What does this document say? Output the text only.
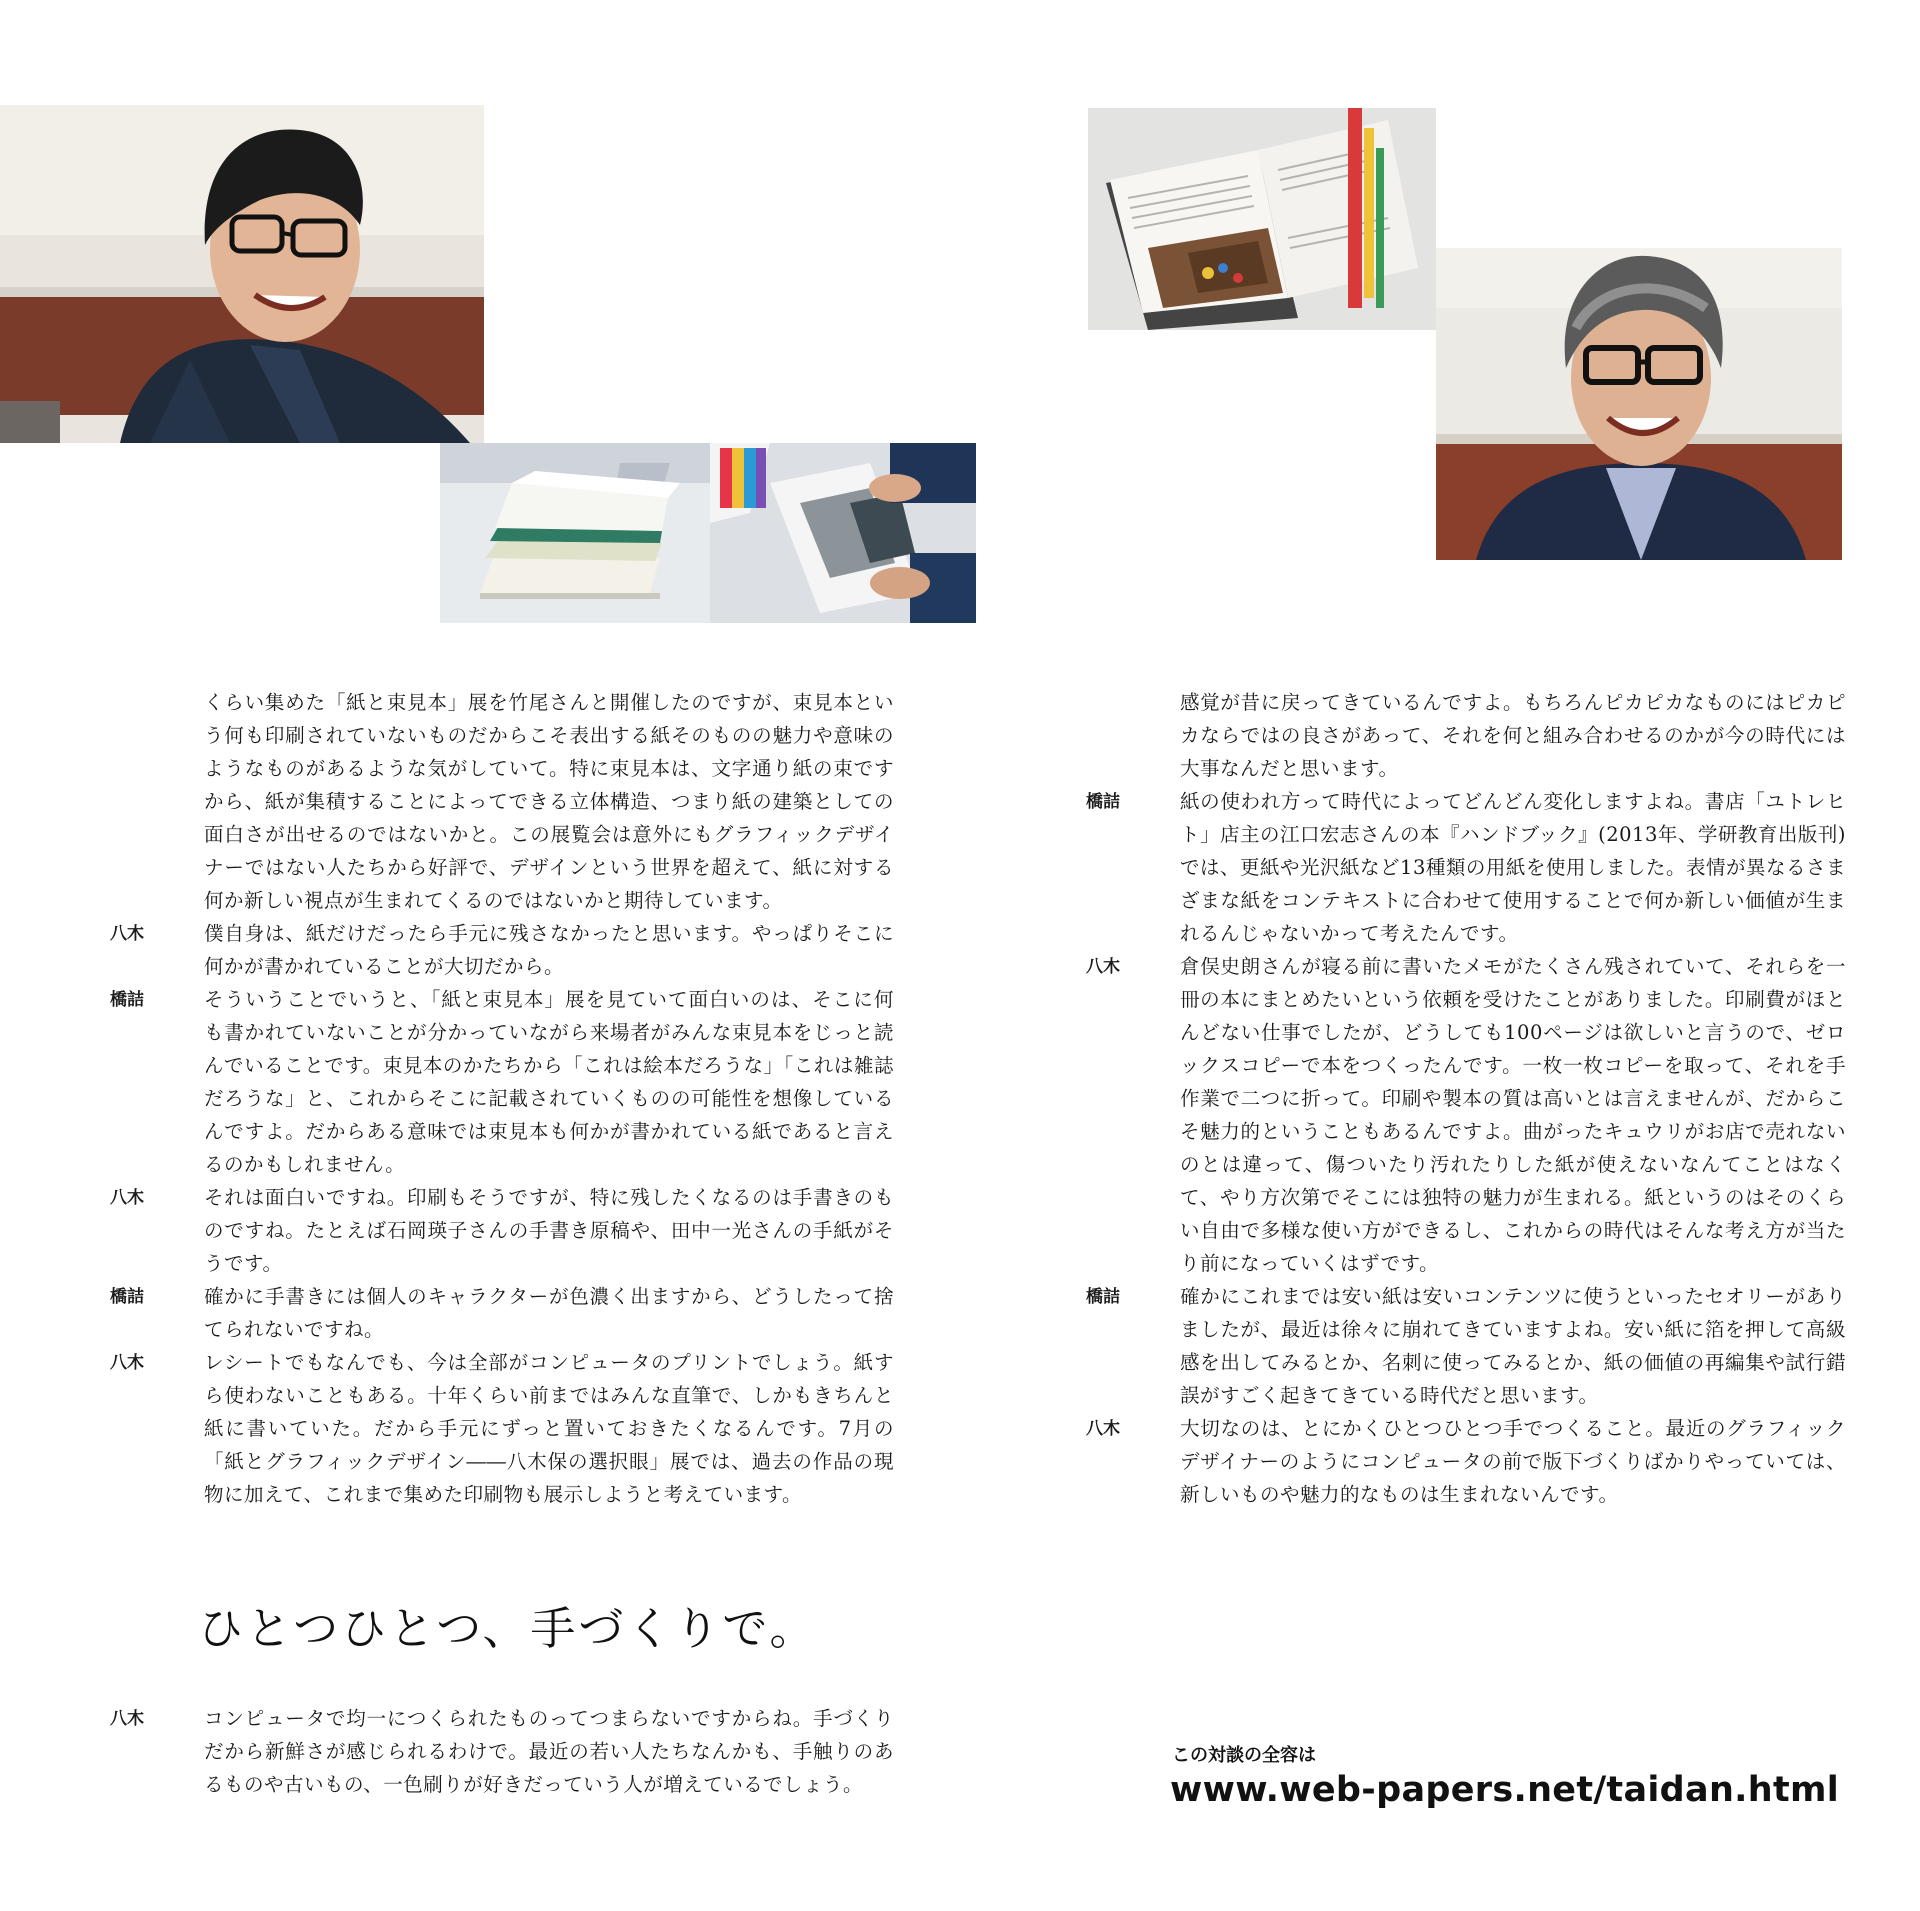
くらい集めた「紙と束見本」展を竹尾さんと開催したのですが、束見本という何も印刷されていないものだからこそ表出する紙そのものの魅力や意味のようなものがあるような気がしていて。特に束見本は、文字通り紙の束ですから、紙が集積することによってできる立体構造、つまり紙の建築としての面白さが出せるのではないかと。この展覧会は意外にもグラフィックデザイナーではない人たちから好評で、デザインという世界を超えて、紙に対する何か新しい視点が生まれてくるのではないかと期待しています。
八木	僕自身は、紙だけだったら手元に残さなかったと思います。やっぱりそこに何かが書かれていることが大切だから。
橋詰	そういうことでいうと、「紙と束見本」展を見ていて面白いのは、そこに何も書かれていないことが分かっていながら来場者がみんな束見本をじっと読んでいることです。束見本のかたちから「これは絵本だろうな」「これは雑誌だろうな」と、これからそこに記載されていくものの可能性を想像しているんですよ。だからある意味では束見本も何かが書かれている紙であると言えるのかもしれません。
八木	それは面白いですね。印刷もそうですが、特に残したくなるのは手書きのものですね。たとえば石岡瑛子さんの手書き原稿や、田中一光さんの手紙がそうです。
橋詰	確かに手書きには個人のキャラクターが色濃く出ますから、どうしたって捨てられないですね。
八木	レシートでもなんでも、今は全部がコンピュータのプリントでしょう。紙すら使わないこともある。十年くらい前まではみんな直筆で、しかもきちんと紙に書いていた。だから手元にずっと置いておきたくなるんです。7月の「紙とグラフィックデザイン――八木保の選択眼」展では、過去の作品の現物に加えて、これまで集めた印刷物も展示しようと考えています。
ひとつひとつ、手づくりで。
八木	コンピュータで均一につくられたものってつまらないですからね。手づくりだから新鮮さが感じられるわけで。最近の若い人たちなんかも、手触りのあるものや古いもの、一色刷りが好きだっていう人が増えているでしょう。
感覚が昔に戻ってきているんですよ。もちろんピカピカなものにはピカピカならではの良さがあって、それを何と組み合わせるのかが今の時代には大事なんだと思います。
橋詰	紙の使われ方って時代によってどんどん変化しますよね。書店「ユトレヒト」店主の江口宏志さんの本『ハンドブック』(2013年、学研教育出版刊)では、更紙や光沢紙など13種類の用紙を使用しました。表情が異なるさまざまな紙をコンテキストに合わせて使用することで何か新しい価値が生まれるんじゃないかって考えたんです。
八木	倉俣史朗さんが寝る前に書いたメモがたくさん残されていて、それらを一冊の本にまとめたいという依頼を受けたことがありました。印刷費がほとんどない仕事でしたが、どうしても100ページは欲しいと言うので、ゼロックスコピーで本をつくったんです。一枚一枚コピーを取って、それを手作業で二つに折って。印刷や製本の質は高いとは言えませんが、だからこそ魅力的ということもあるんですよ。曲がったキュウリがお店で売れないのとは違って、傷ついたり汚れたりした紙が使えないなんてことはなくて、やり方次第でそこには独特の魅力が生まれる。紙というのはそのくらい自由で多様な使い方ができるし、これからの時代はそんな考え方が当たり前になっていくはずです。
橋詰	確かにこれまでは安い紙は安いコンテンツに使うといったセオリーがありましたが、最近は徐々に崩れてきていますよね。安い紙に箔を押して高級感を出してみるとか、名刺に使ってみるとか、紙の価値の再編集や試行錯誤がすごく起きてきている時代だと思います。
八木	大切なのは、とにかくひとつひとつ手でつくること。最近のグラフィックデザイナーのようにコンピュータの前で版下づくりばかりやっていては、新しいものや魅力的なものは生まれないんです。
この対談の全容は
www.web-papers.net/taidan.html
